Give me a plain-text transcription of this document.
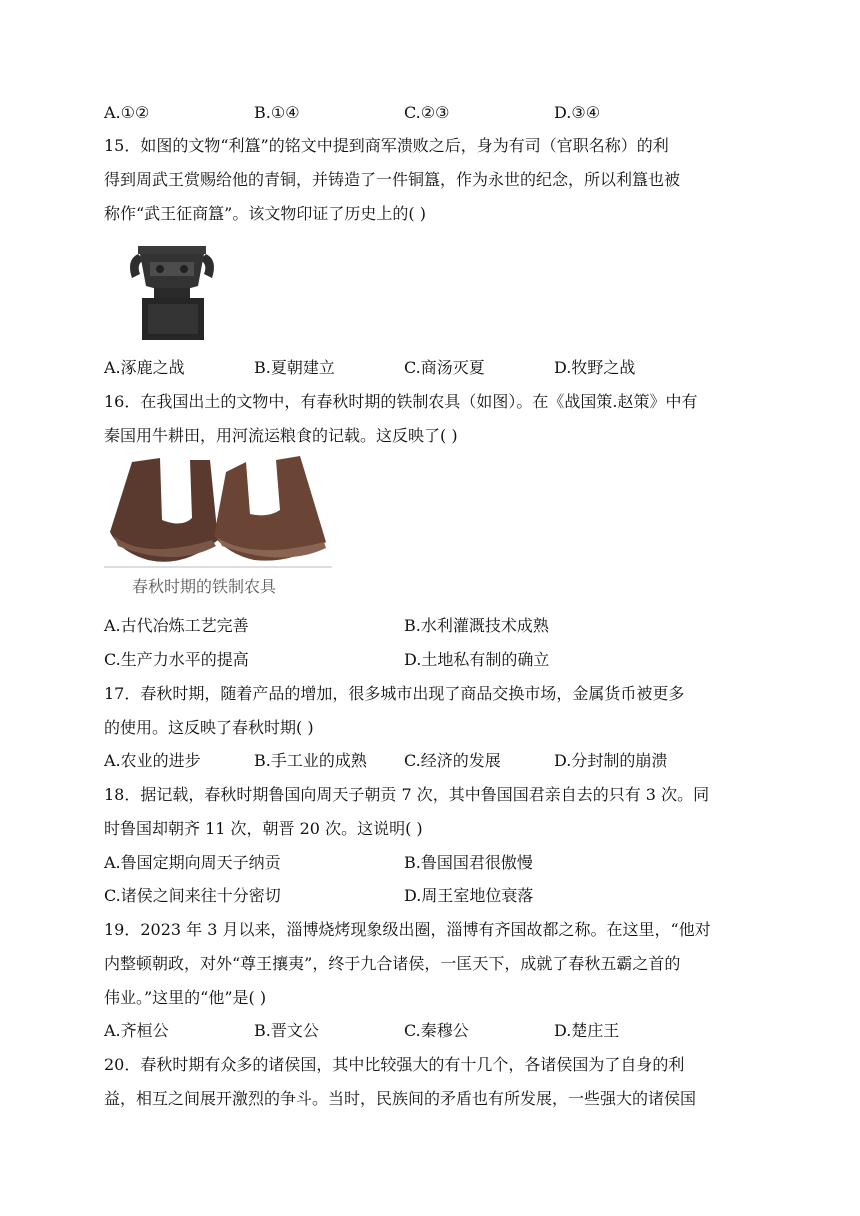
A.①②	B.①④	C.②③	D.③④
15．如图的文物“利簋”的铭文中提到商军溃败之后，身为有司（官职名称）的利
得到周武王赏赐给他的青铜，并铸造了一件铜簋，作为永世的纪念，所以利簋也被
称作“武王征商簋”。该文物印证了历史上的( )
A.涿鹿之战	B.夏朝建立	C.商汤灭夏	D.牧野之战
16．在我国出土的文物中，有春秋时期的铁制农具（如图）。在《战国策.赵策》中有
秦国用牛耕田，用河流运粮食的记载。这反映了( )
春秋时期的铁制农具
A.古代冶炼工艺完善	B.水利灌溉技术成熟
C.生产力水平的提高	D.土地私有制的确立
17．春秋时期，随着产品的增加，很多城市出现了商品交换市场，金属货币被更多
的使用。这反映了春秋时期( )
A.农业的进步	B.手工业的成熟 C.经济的发展	D.分封制的崩溃
18．据记载，春秋时期鲁国向周天子朝贡 7 次，其中鲁国国君亲自去的只有 3 次。同
时鲁国却朝齐 11 次，朝晋 20 次。这说明( )
A.鲁国定期向周天子纳贡	B.鲁国国君很傲慢
C.诸侯之间来往十分密切	D.周王室地位衰落
19．2023 年 3 月以来，淄博烧烤现象级出圈，淄博有齐国故都之称。在这里，“他对
内整顿朝政，对外“尊王攘夷”，终于九合诸侯，一匡天下，成就了春秋五霸之首的
伟业。”这里的“他”是( )
A.齐桓公	B.晋文公	C.秦穆公	D.楚庄王
20．春秋时期有众多的诸侯国，其中比较强大的有十几个，各诸侯国为了自身的利
益，相互之间展开激烈的争斗。当时，民族间的矛盾也有所发展，一些强大的诸侯国
